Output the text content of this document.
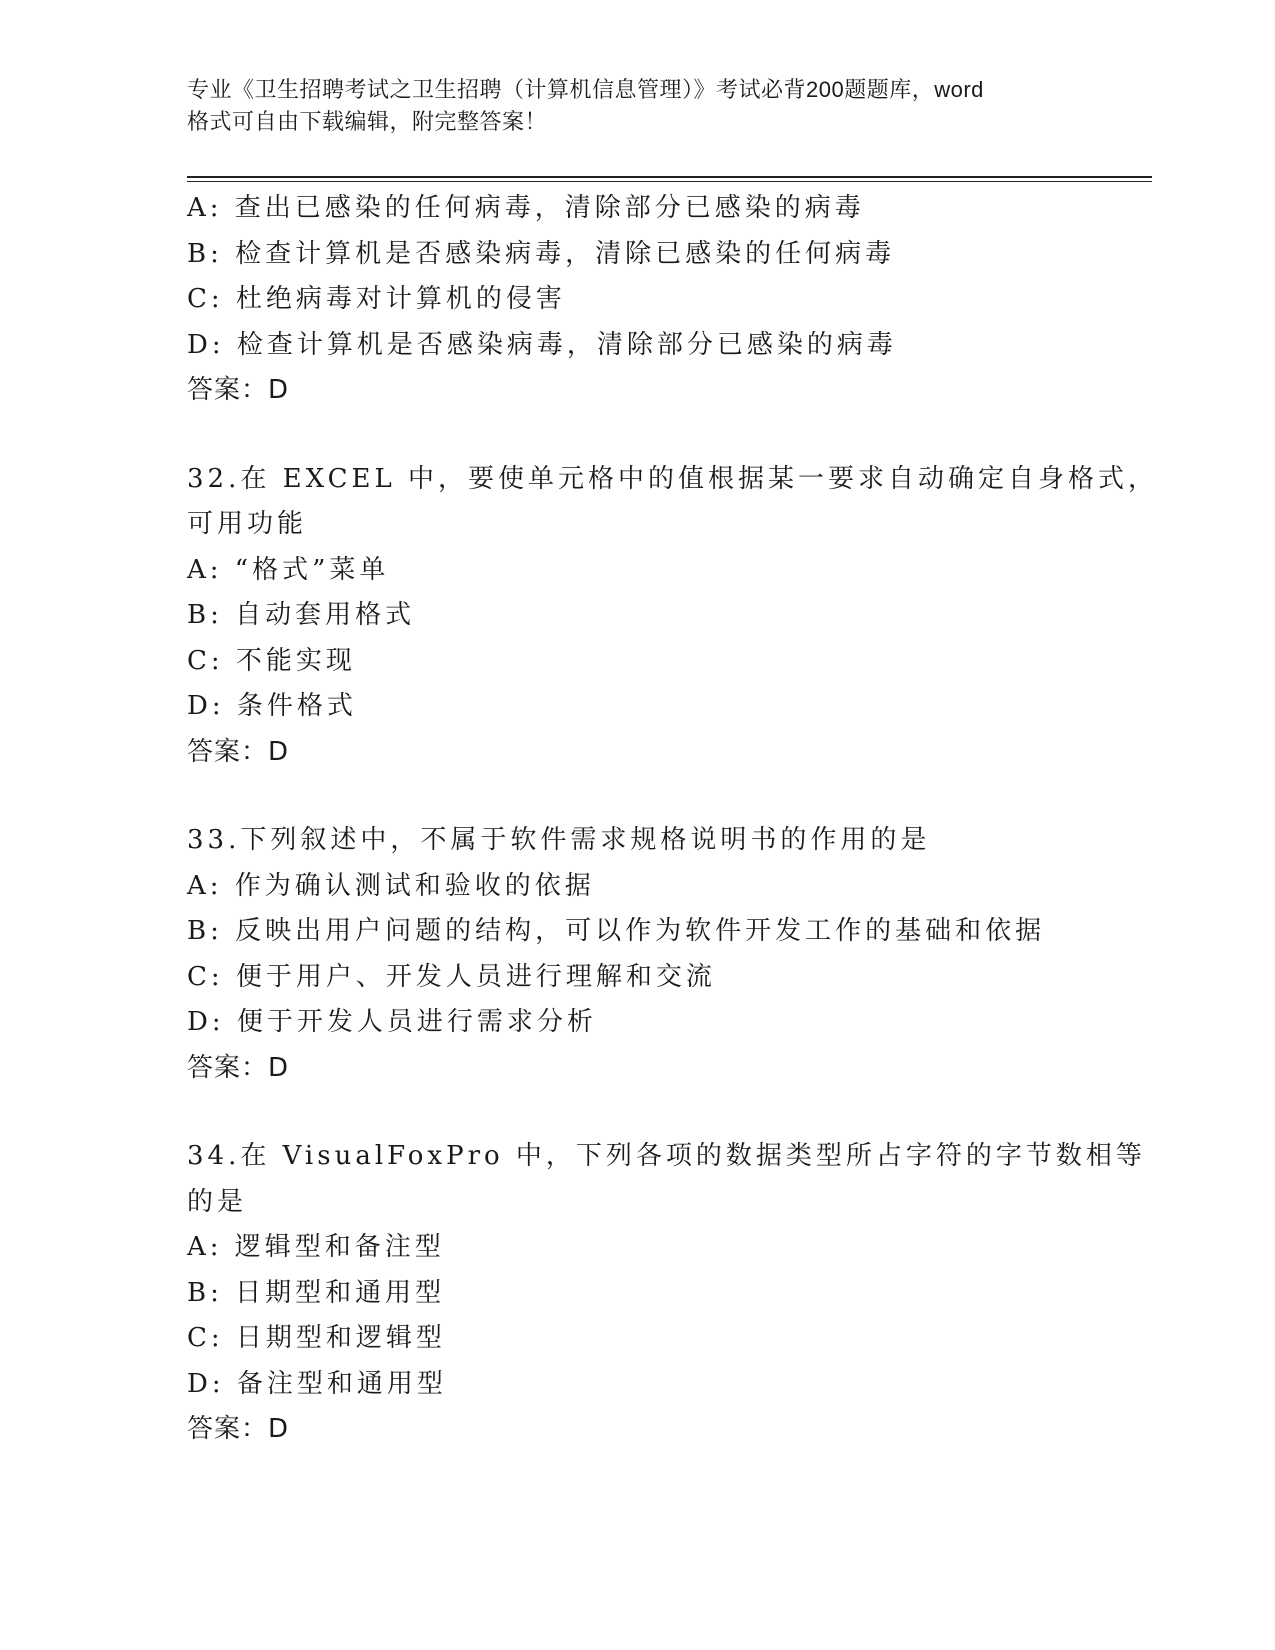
专业《卫生招聘考试之卫生招聘（计算机信息管理）》考试必背200题题库，word
格式可自由下载编辑，附完整答案！
A: 查出已感染的任何病毒，清除部分已感染的病毒
B: 检查计算机是否感染病毒，清除已感染的任何病毒
C: 杜绝病毒对计算机的侵害
D: 检查计算机是否感染病毒，清除部分已感染的病毒
答案：D
32.在 EXCEL 中，要使单元格中的值根据某一要求自动确定自身格式，
可用功能
A: “格式”菜单
B: 自动套用格式
C: 不能实现
D: 条件格式
答案：D
33.下列叙述中，不属于软件需求规格说明书的作用的是
A: 作为确认测试和验收的依据
B: 反映出用户问题的结构，可以作为软件开发工作的基础和依据
C: 便于用户、开发人员进行理解和交流
D: 便于开发人员进行需求分析
答案：D
34.在 VisualFoxPro 中，下列各项的数据类型所占字符的字节数相等
的是
A: 逻辑型和备注型
B: 日期型和通用型
C: 日期型和逻辑型
D: 备注型和通用型
答案：D
